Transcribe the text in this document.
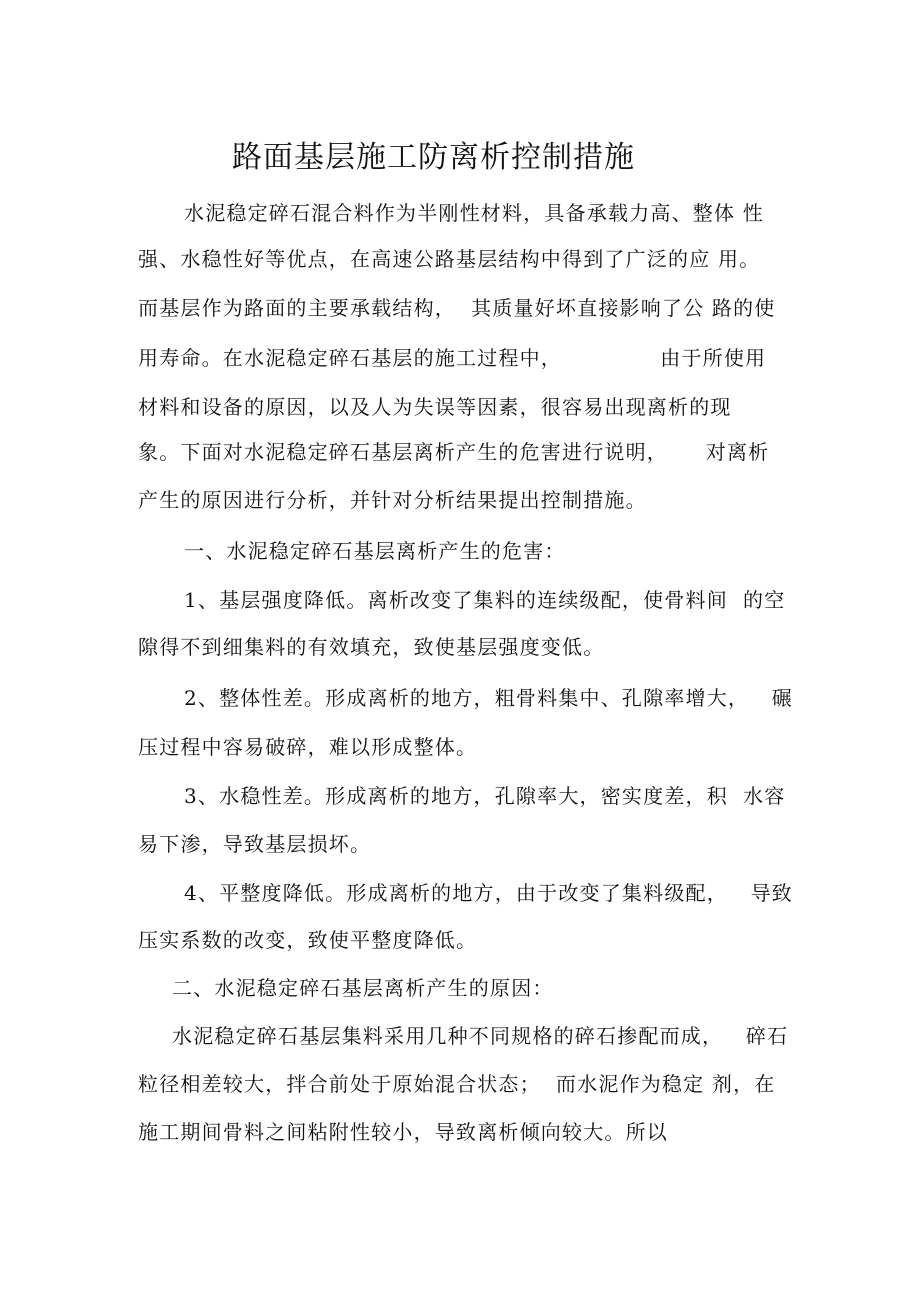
路面基层施工防离析控制措施
水泥稳定碎石混合料作为半刚性材料，具备承载力高、整体 性
强、水稳性好等优点，在高速公路基层结构中得到了广泛的应 用。
而基层作为路面的主要承载结构，  其质量好坏直接影响了公 路的使
用寿命。在水泥稳定碎石基层的施工过程中，             由于所使用
材料和设备的原因，以及人为失误等因素，很容易出现离析的现
象。下面对水泥稳定碎石基层离析产生的危害进行说明，     对离析
产生的原因进行分析，并针对分析结果提出控制措施。
一、水泥稳定碎石基层离析产生的危害：
1、基层强度降低。离析改变了集料的连续级配，使骨料间  的空
隙得不到细集料的有效填充，致使基层强度变低。
2、整体性差。形成离析的地方，粗骨料集中、孔隙率增大，   碾
压过程中容易破碎，难以形成整体。
3、水稳性差。形成离析的地方，孔隙率大，密实度差，积  水容
易下渗，导致基层损坏。
4、平整度降低。形成离析的地方，由于改变了集料级配，   导致
压实系数的改变，致使平整度降低。
二、水泥稳定碎石基层离析产生的原因：
水泥稳定碎石基层集料采用几种不同规格的碎石掺配而成，   碎石
粒径相差较大，拌合前处于原始混合状态；  而水泥作为稳定 剂，在
施工期间骨料之间粘附性较小，导致离析倾向较大。所以
